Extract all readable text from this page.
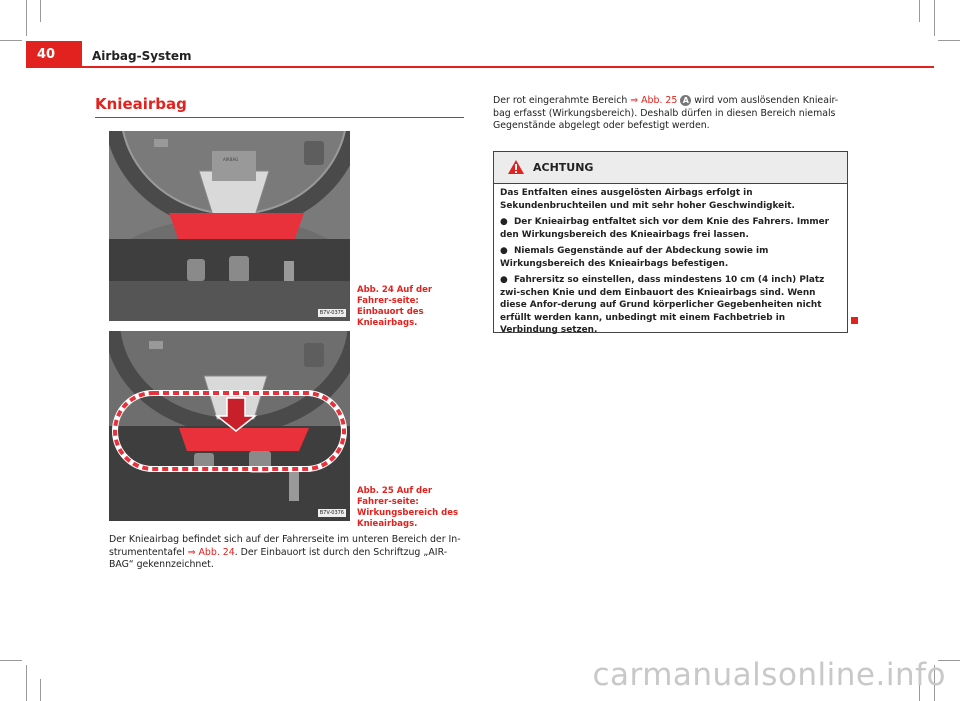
40	Airbag-System
Knieairbag
AIRBAG
B7V-0375
Abb. 24 Auf der Fahrer-seite: Einbauort des Knieairbags.
B7V-0376
Abb. 25 Auf der Fahrer-seite: Wirkungsbereich des Knieairbags.
Der Knieairbag befindet sich auf der Fahrerseite im unteren Bereich der In-strumententafel ⇒ Abb. 24. Der Einbauort ist durch den Schriftzug „AIR-BAG“ gekennzeichnet.
Der rot eingerahmte Bereich ⇒ Abb. 25 A wird vom auslösenden Knieair-bag erfasst (Wirkungsbereich). Deshalb dürfen in diesen Bereich niemals Gegenstände abgelegt oder befestigt werden.
ACHTUNG

Das Entfalten eines ausgelösten Airbags erfolgt in Sekundenbruchteilen und mit sehr hoher Geschwindigkeit.

● Der Knieairbag entfaltet sich vor dem Knie des Fahrers. Immer den Wirkungsbereich des Knieairbags frei lassen.

● Niemals Gegenstände auf der Abdeckung sowie im Wirkungsbereich des Knieairbags befestigen.

● Fahrersitz so einstellen, dass mindestens 10 cm (4 inch) Platz zwi-schen Knie und dem Einbauort des Knieairbags sind. Wenn diese Anfor-derung auf Grund körperlicher Gegebenheiten nicht erfüllt werden kann, unbedingt mit einem Fachbetrieb in Verbindung setzen.

carmanualsonline.info
